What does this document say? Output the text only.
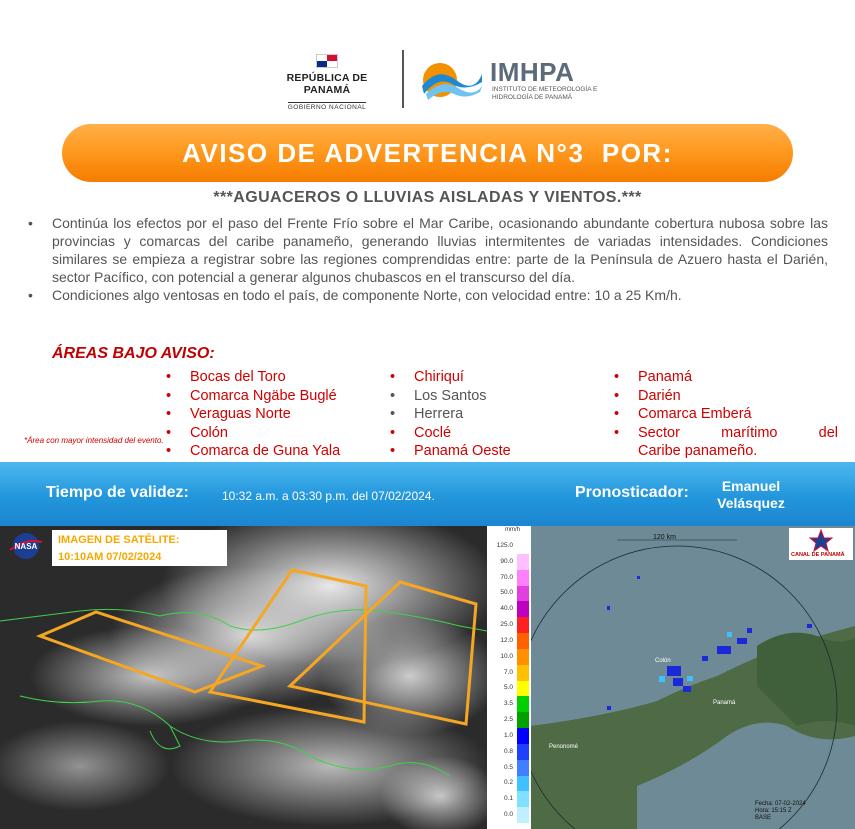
REPÚBLICA DE PANAMÁ
GOBIERNO NACIONAL
IMHPA
INSTITUTO DE METEOROLOGÍA E HIDROLOGÍA DE PANAMÁ
AVISO DE ADVERTENCIA N°3  POR:
***AGUACEROS O LLUVIAS AISLADAS Y VIENTOS.***
• Continúa los efectos por el paso del Frente Frío sobre el Mar Caribe, ocasionando abundante cobertura nubosa sobre las provincias y comarcas del caribe panameño, generando lluvias intermitentes de variadas intensidades. Condiciones similares se empieza a registrar sobre las regiones comprendidas entre: parte de la Península de Azuero hasta el Darién, sector Pacífico, con potencial a generar algunos chubascos en el transcurso del día.
• Condiciones algo ventosas en todo el país, de componente Norte, con velocidad entre: 10 a 25 Km/h.
ÁREAS BAJO AVISO:
*Área con mayor intensidad del evento.
• Bocas del Toro
• Comarca Ngäbe Buglé
• Veraguas Norte
• Colón
• Comarca de Guna Yala
• Chiriquí
• Los Santos
• Herrera
• Coclé
• Panamá Oeste
• Panamá
• Darién
• Comarca Emberá
• Sector marítimo del
Caribe panameño.
Tiempo de validez:	10:32 a.m. a 03:30 p.m. del 07/02/2024.	Pronosticador:	Emanuel
Velásquez
NASA
IMAGEN DE SATÉLITE:
10:10AM 07/02/2024
mm/h
125.0
90.0
70.0
50.0
40.0
25.0
12.0
10.0
7.0
5.0
3.5
2.5
1.0
0.8
0.5
0.2
0.1
0.0
120 km
Colón
Panamá
Penonomé
Fecha: 07-02-2024
Hora: 15:15 Z
BASE
CANAL DE PANAMÁ
